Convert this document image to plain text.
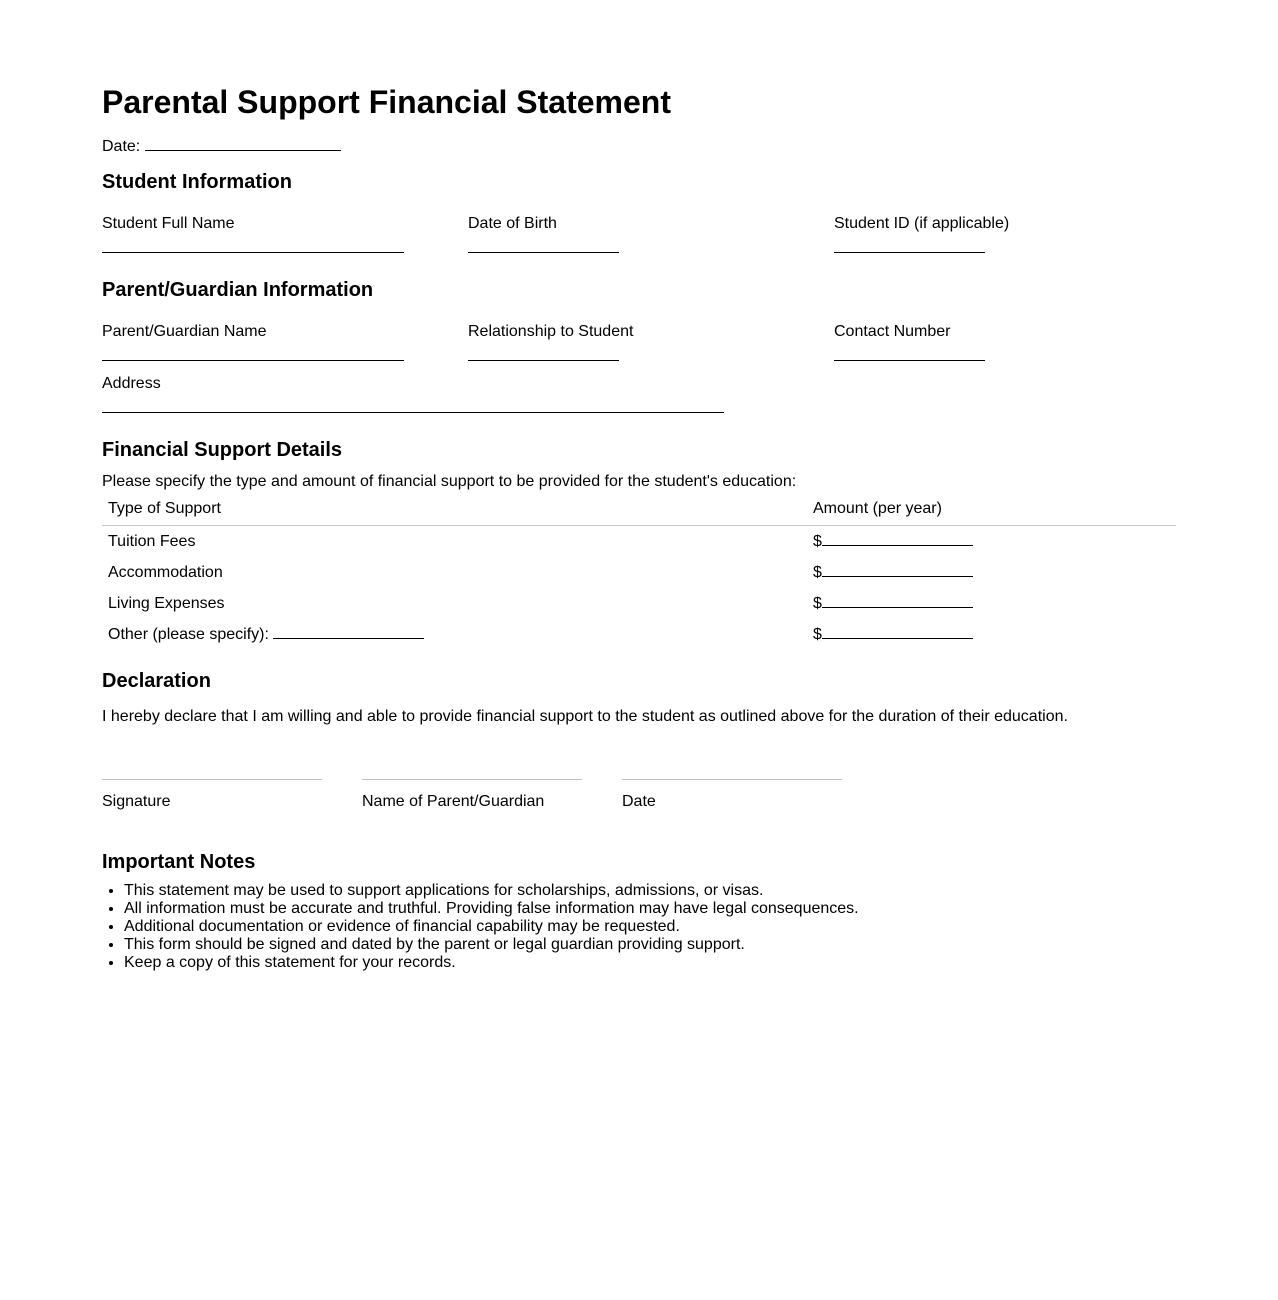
Parental Support Financial Statement
Date:
Student Information
Student Full Name	Date of Birth	Student ID (if applicable)
Parent/Guardian Information
Parent/Guardian Name	Relationship to Student	Contact Number
Address
Financial Support Details
Please specify the type and amount of financial support to be provided for the student's education:
Type of Support	Amount (per year)
Tuition Fees	$
Accommodation	$
Living Expenses	$
Other (please specify):	$
Declaration
I hereby declare that I am willing and able to provide financial support to the student as outlined above for the duration of their education.
Signature	Name of Parent/Guardian	Date
Important Notes
• This statement may be used to support applications for scholarships, admissions, or visas.
• All information must be accurate and truthful. Providing false information may have legal consequences.
• Additional documentation or evidence of financial capability may be requested.
• This form should be signed and dated by the parent or legal guardian providing support.
• Keep a copy of this statement for your records.
